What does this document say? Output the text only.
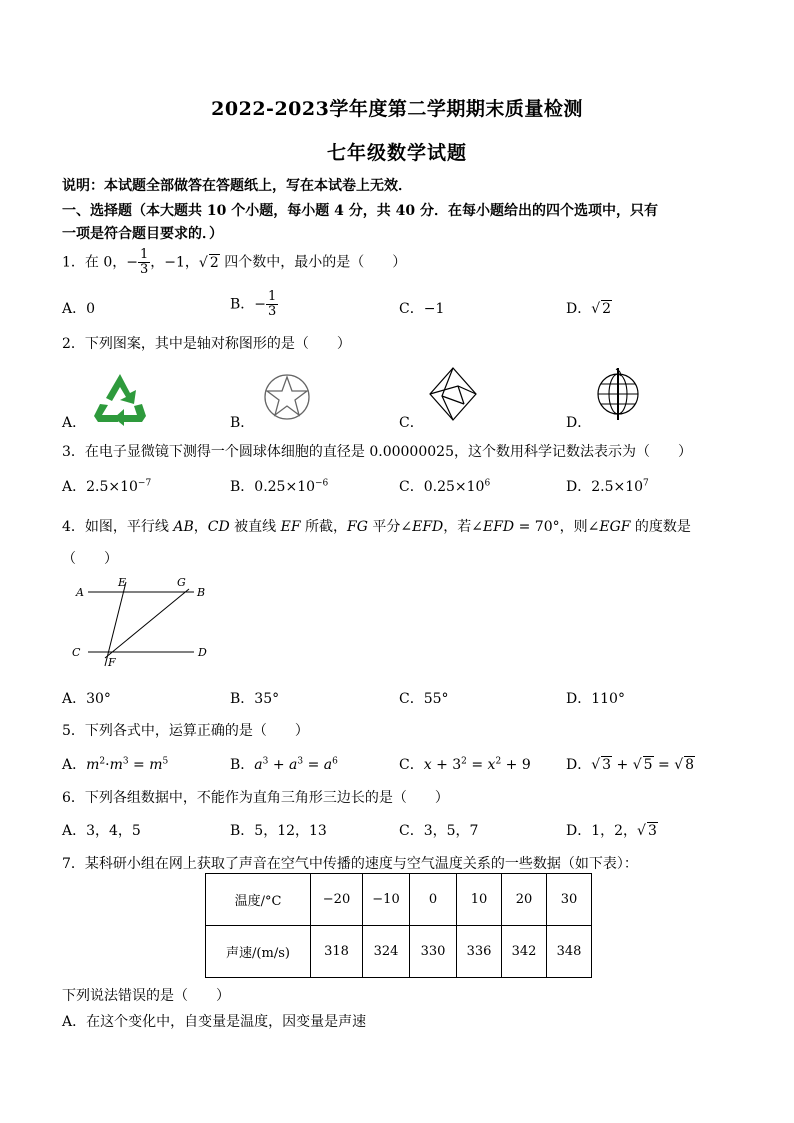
2022-2023学年度第二学期期末质量检测
七年级数学试题
说明：本试题全部做答在答题纸上，写在本试卷上无效．
一、选择题（本大题共 10 个小题，每小题 4 分，共 40 分．在每小题给出的四个选项中，只有
一项是符合题目要求的．）
1．在 0，− $\frac{1}{3}$ ，−1，√ 2 四个数中，最小的是（　　）
A．0	B．− $\frac{1}{3}$	C．−1	D．√ 2
2．下列图案，其中是轴对称图形的是（　　）
A．	B．	C．	D．
3．在电子显微镜下测得一个圆球体细胞的直径是 0.00000025，这个数用科学记数法表示为（　　）
A．$2.5\times 10^{-7}$	B．$0.25\times 10^{-6}$	C．$0.25\times 10^6$	D．$2.5\times 10^7$
4．如图，平行线 AB，CD 被直线 EF 所截，FG 平分∠EFD，若∠EFD = 70°，则∠EGF 的度数是
（　　）
A
E	G
B
C
F
D
A．30°	B．35°	C．55°	D．110°
5．下列各式中，运算正确的是（　　）
A．$m^2\cdot m^3 = m^5$	B．$a^3 + a^3 = a^6$	C．$x + 3^2 = x^2 + 9$	D．√ 3 + √ 5 = √ 8
6．下列各组数据中，不能作为直角三角形三边长的是（　　）
A．3，4，5	B．5，12，13	C．3，5，7	D．1，2，√ 3
7．某科研小组在网上获取了声音在空气中传播的速度与空气温度关系的一些数据（如下表）：
温度/°C	−20	−10	0	10	20	30
声速/(m/s)	318	324	330	336	342	348
下列说法错误的是（　　）
A．在这个变化中，自变量是温度，因变量是声速
